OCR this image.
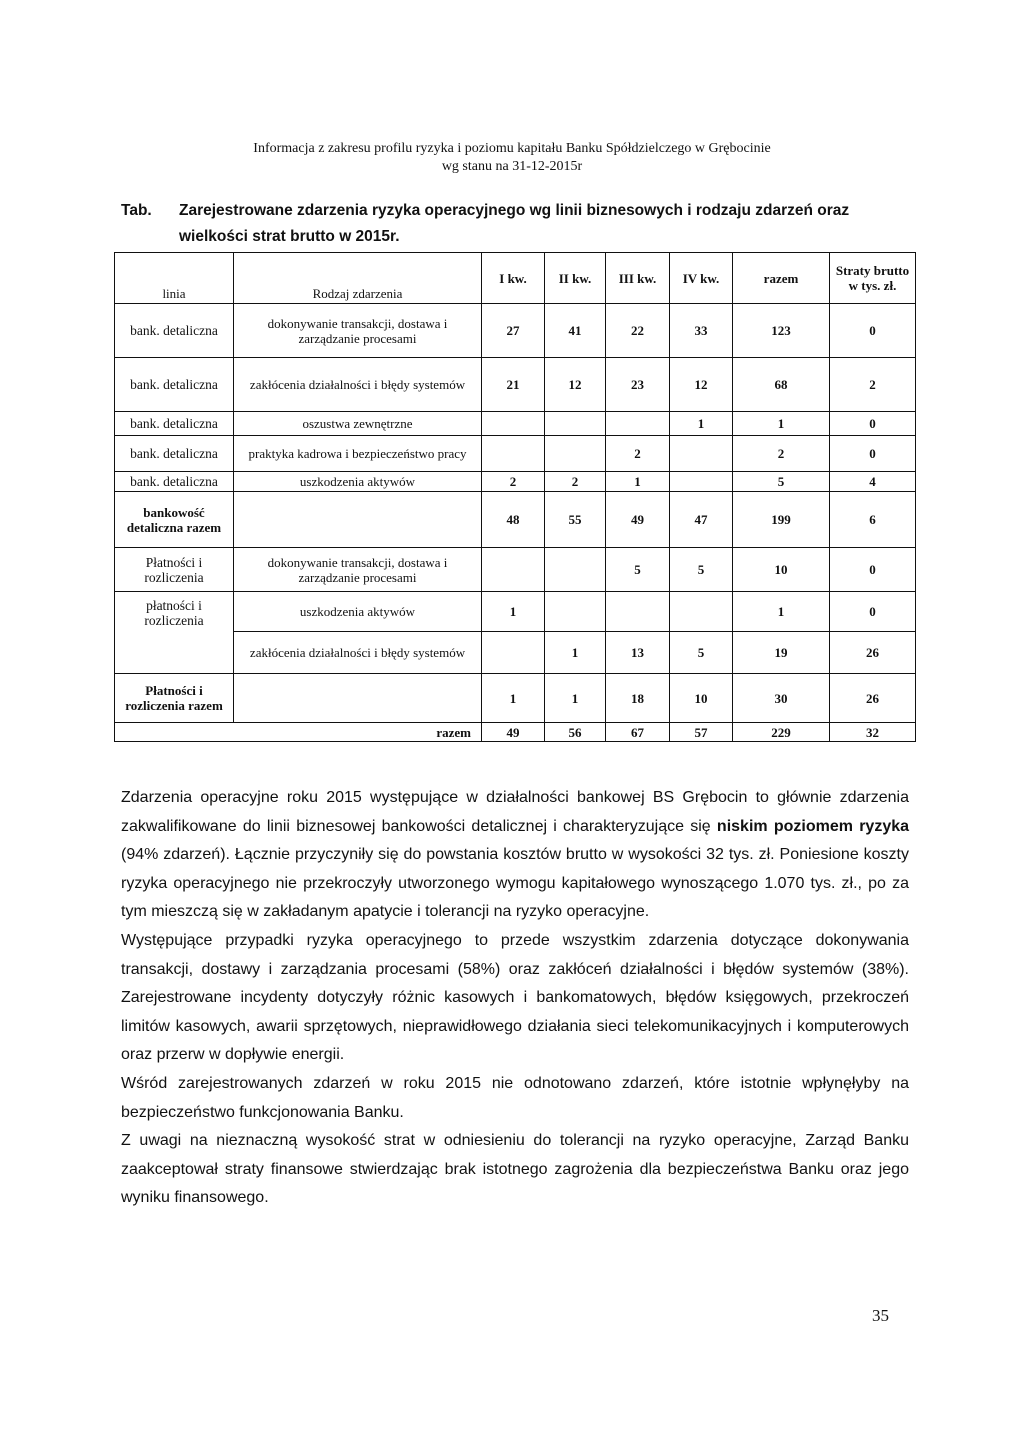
Informacja z zakresu profilu ryzyka i poziomu kapitału Banku Spółdzielczego w Grębocinie
wg stanu na 31-12-2015r
Tab. Zarejestrowane zdarzenia ryzyka operacyjnego wg linii biznesowych i rodzaju zdarzeń oraz
wielkości strat brutto w 2015r.
linia	Rodzaj zdarzenia	I kw.	II kw.	III kw.	IV kw.	razem	Straty brutto w tys. zł.
bank. detaliczna	dokonywanie transakcji, dostawa i zarządzanie procesami	27	41	22	33	123	0
bank. detaliczna	zakłócenia działalności i błędy systemów	21	12	23	12	68	2
bank. detaliczna	oszustwa zewnętrzne				1	1	0
bank. detaliczna	praktyka kadrowa i bezpieczeństwo pracy			2		2	0
bank. detaliczna	uszkodzenia aktywów	2	2	1		5	4
bankowość detaliczna razem		48	55	49	47	199	6
Płatności i rozliczenia	dokonywanie transakcji, dostawa i zarządzanie procesami			5	5	10	0
płatności i rozliczenia	uszkodzenia aktywów	1				1	0
	zakłócenia działalności i błędy systemów		1	13	5	19	26
Płatności i rozliczenia razem		1	1	18	10	30	26
razem		49	56	67	57	229	32

Zdarzenia operacyjne roku 2015 występujące w działalności bankowej BS Grębocin to głównie zdarzenia zakwalifikowane do linii biznesowej bankowości detalicznej i charakteryzujące się niskim poziomem ryzyka (94% zdarzeń). Łącznie przyczyniły się do powstania kosztów brutto w wysokości 32 tys. zł. Poniesione koszty ryzyka operacyjnego nie przekroczyły utworzonego wymogu kapitałowego wynoszącego 1.070 tys. zł., po za tym mieszczą się w zakładanym apatycie i tolerancji na ryzyko operacyjne.

Występujące przypadki ryzyka operacyjnego to przede wszystkim zdarzenia dotyczące dokonywania transakcji, dostawy i zarządzania procesami (58%) oraz zakłóceń działalności i błędów systemów (38%). Zarejestrowane incydenty dotyczyły różnic kasowych i bankomatowych, błędów księgowych, przekroczeń limitów kasowych, awarii sprzętowych, nieprawidłowego działania sieci telekomunikacyjnych i komputerowych oraz przerw w dopływie energii.

Wśród zarejestrowanych zdarzeń w roku 2015 nie odnotowano zdarzeń, które istotnie wpłynęłyby na bezpieczeństwo funkcjonowania Banku.

Z uwagi na nieznaczną wysokość strat w odniesieniu do tolerancji na ryzyko operacyjne, Zarząd Banku zaakceptował straty finansowe stwierdzając brak istotnego zagrożenia dla bezpieczeństwa Banku oraz jego wyniku finansowego.

35
